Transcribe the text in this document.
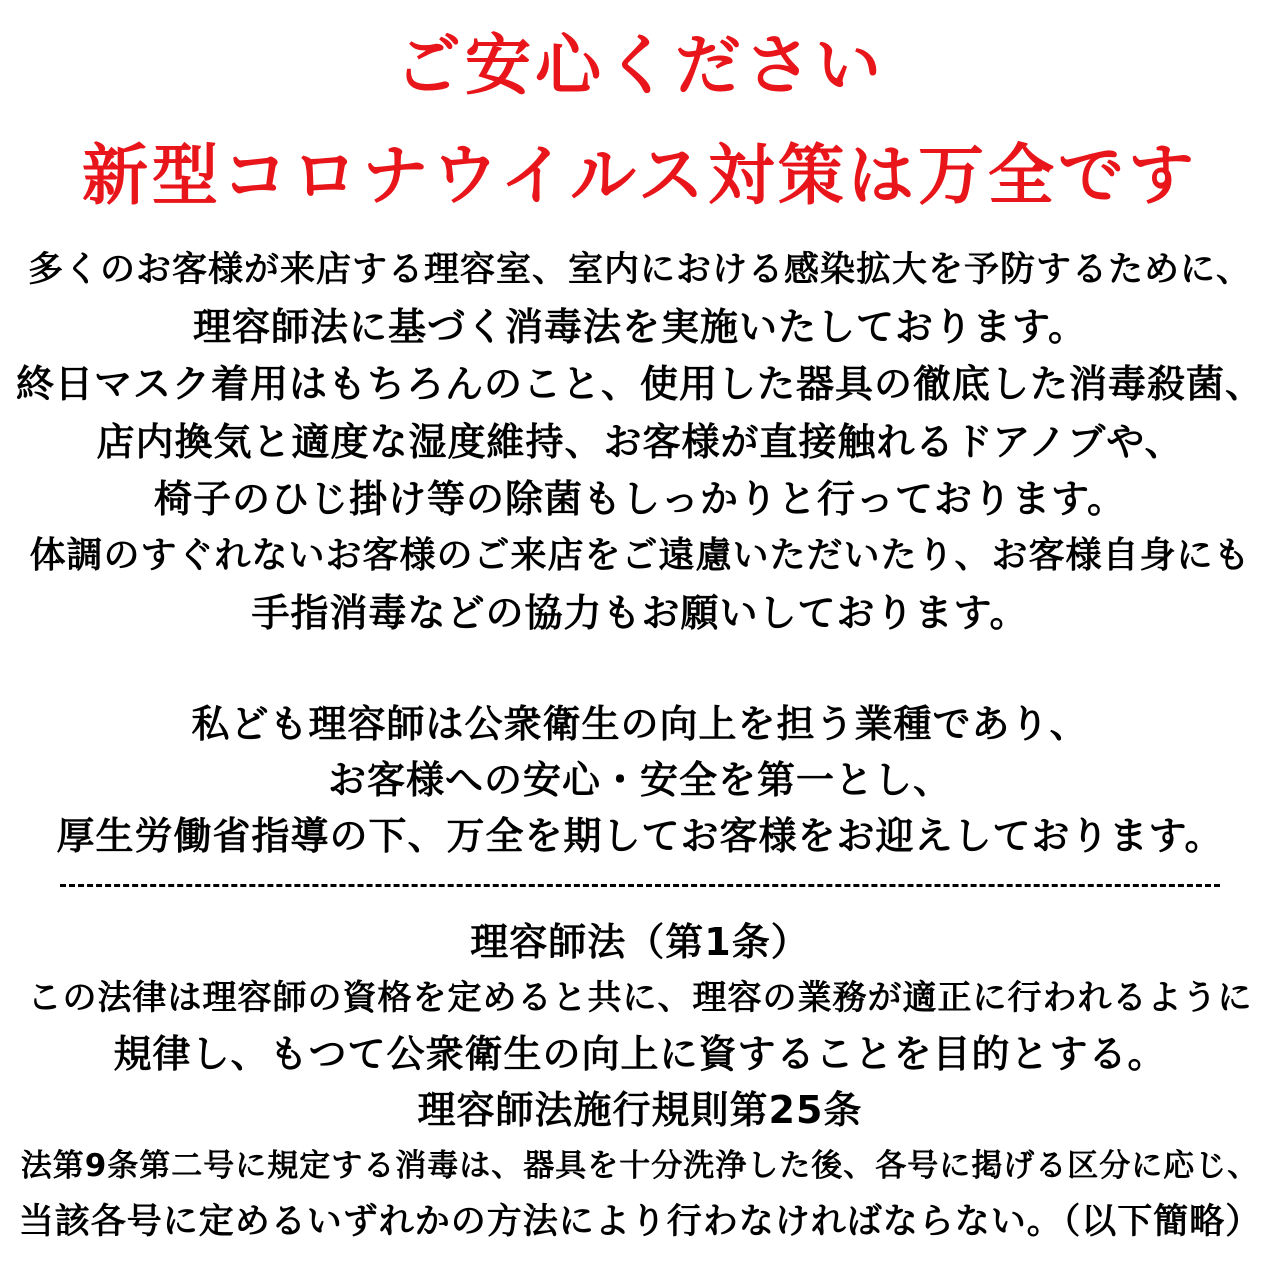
ご安心ください
新型コロナウイルス対策は万全です
多くのお客様が来店する理容室、室内における感染拡大を予防するために、
理容師法に基づく消毒法を実施いたしております。
終日マスク着用はもちろんのこと、使用した器具の徹底した消毒殺菌、
店内換気と適度な湿度維持、お客様が直接触れるドアノブや、
椅子のひじ掛け等の除菌もしっかりと行っております。
体調のすぐれないお客様のご来店をご遠慮いただいたり、お客様自身にも
手指消毒などの協力もお願いしております。
私ども理容師は公衆衛生の向上を担う業種であり、
お客様への安心・安全を第一とし、
厚生労働省指導の下、万全を期してお客様をお迎えしております。
理容師法（第1条）
この法律は理容師の資格を定めると共に、理容の業務が適正に行われるように
規律し、もつて公衆衛生の向上に資することを目的とする。
理容師法施行規則第25条
法第9条第二号に規定する消毒は、器具を十分洗浄した後、各号に掲げる区分に応じ、
当該各号に定めるいずれかの方法により行わなければならない。（以下簡略）
